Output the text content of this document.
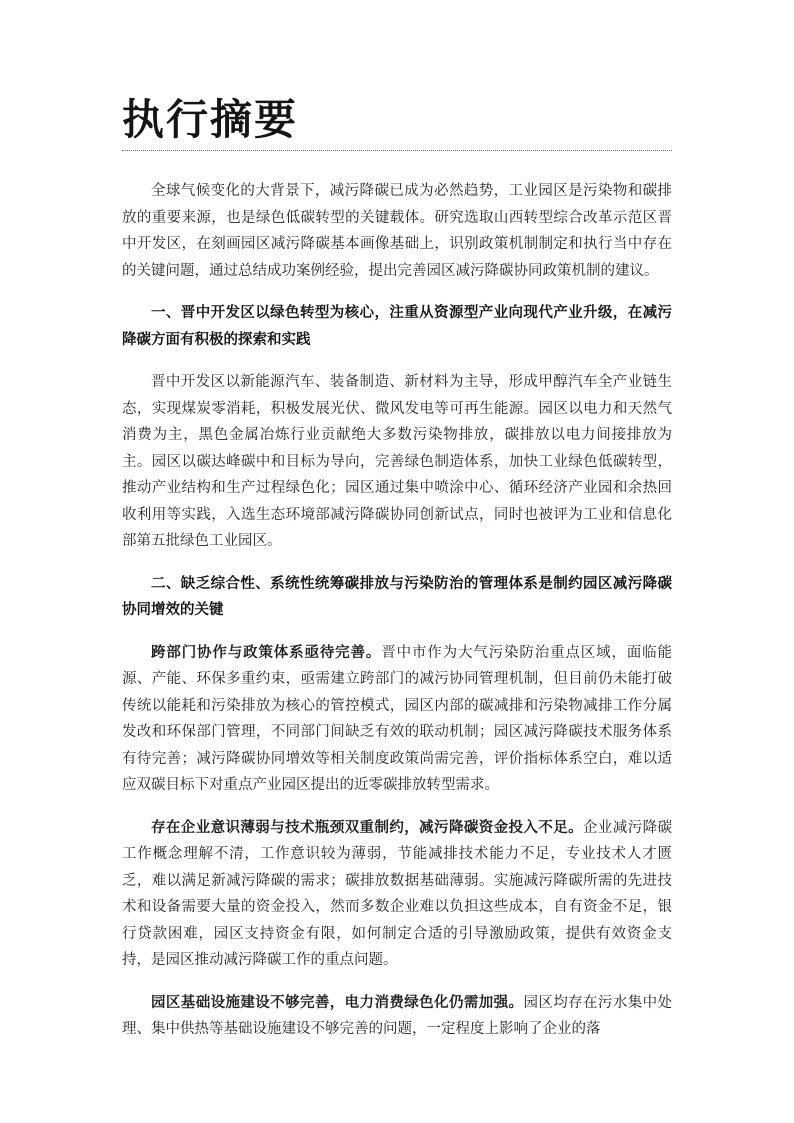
执行摘要

全球气候变化的大背景下，减污降碳已成为必然趋势，工业园区是污染物和碳排放的重要来源，也是绿色低碳转型的关键载体。研究选取山西转型综合改革示范区晋中开发区，在刻画园区减污降碳基本画像基础上，识别政策机制制定和执行当中存在的关键问题，通过总结成功案例经验，提出完善园区减污降碳协同政策机制的建议。

一、晋中开发区以绿色转型为核心，注重从资源型产业向现代产业升级，在减污降碳方面有积极的探索和实践

晋中开发区以新能源汽车、装备制造、新材料为主导，形成甲醇汽车全产业链生态，实现煤炭零消耗，积极发展光伏、微风发电等可再生能源。园区以电力和天然气消费为主，黑色金属冶炼行业贡献绝大多数污染物排放，碳排放以电力间接排放为主。园区以碳达峰碳中和目标为导向，完善绿色制造体系，加快工业绿色低碳转型，推动产业结构和生产过程绿色化；园区通过集中喷涂中心、循环经济产业园和余热回收利用等实践，入选生态环境部减污降碳协同创新试点，同时也被评为工业和信息化部第五批绿色工业园区。

二、缺乏综合性、系统性统筹碳排放与污染防治的管理体系是制约园区减污降碳协同增效的关键

跨部门协作与政策体系亟待完善。晋中市作为大气污染防治重点区域，面临能源、产能、环保多重约束，亟需建立跨部门的减污协同管理机制，但目前仍未能打破传统以能耗和污染排放为核心的管控模式，园区内部的碳减排和污染物减排工作分属发改和环保部门管理，不同部门间缺乏有效的联动机制；园区减污降碳技术服务体系有待完善；减污降碳协同增效等相关制度政策尚需完善，评价指标体系空白，难以适应双碳目标下对重点产业园区提出的近零碳排放转型需求。

存在企业意识薄弱与技术瓶颈双重制约，减污降碳资金投入不足。企业减污降碳工作概念理解不清，工作意识较为薄弱，节能减排技术能力不足，专业技术人才匮乏，难以满足新减污降碳的需求；碳排放数据基础薄弱。实施减污降碳所需的先进技术和设备需要大量的资金投入，然而多数企业难以负担这些成本，自有资金不足，银行贷款困难，园区支持资金有限，如何制定合适的引导激励政策，提供有效资金支持，是园区推动减污降碳工作的重点问题。

园区基础设施建设不够完善，电力消费绿色化仍需加强。园区均存在污水集中处理、集中供热等基础设施建设不够完善的问题，一定程度上影响了企业的落
